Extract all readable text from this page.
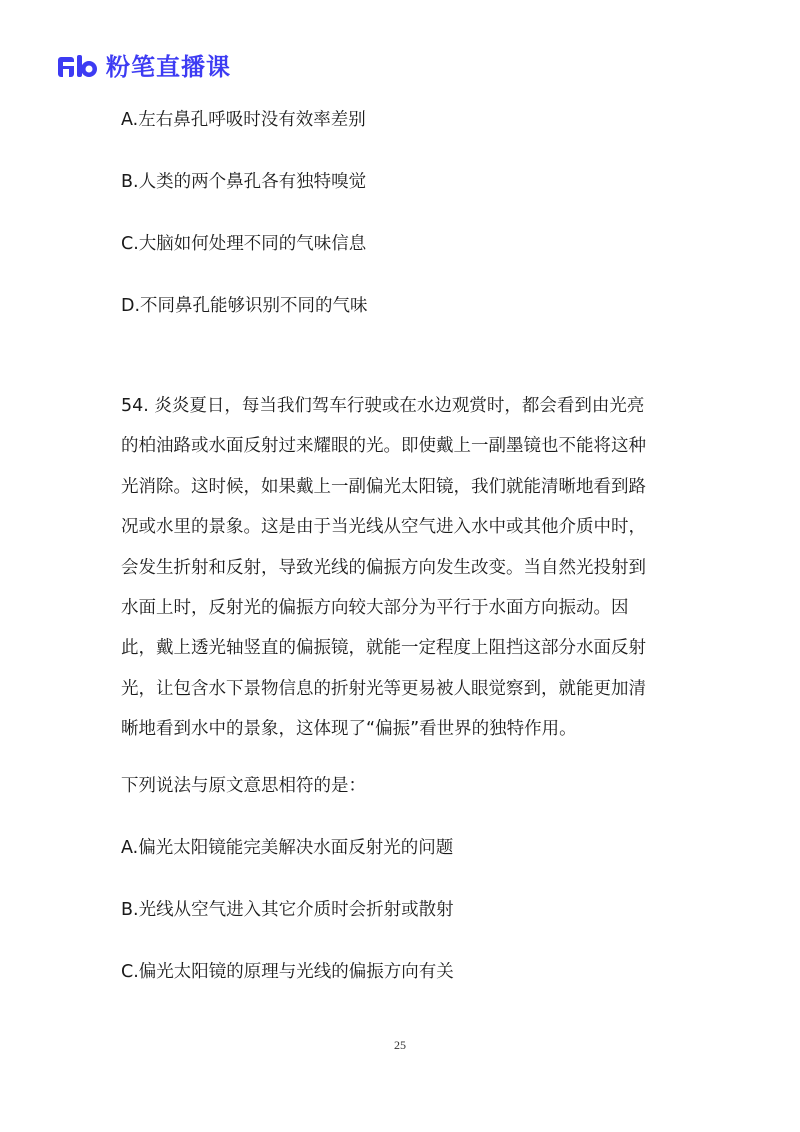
粉笔直播课
A.左右鼻孔呼吸时没有效率差别
B.人类的两个鼻孔各有独特嗅觉
C.大脑如何处理不同的气味信息
D.不同鼻孔能够识别不同的气味
54. 炎炎夏日，每当我们驾车行驶或在水边观赏时，都会看到由光亮
的柏油路或水面反射过来耀眼的光。即使戴上一副墨镜也不能将这种
光消除。这时候，如果戴上一副偏光太阳镜，我们就能清晰地看到路
况或水里的景象。这是由于当光线从空气进入水中或其他介质中时，
会发生折射和反射，导致光线的偏振方向发生改变。当自然光投射到
水面上时，反射光的偏振方向较大部分为平行于水面方向振动。因
此，戴上透光轴竖直的偏振镜，就能一定程度上阻挡这部分水面反射
光，让包含水下景物信息的折射光等更易被人眼觉察到，就能更加清
晰地看到水中的景象，这体现了“偏振”看世界的独特作用。
下列说法与原文意思相符的是：
A.偏光太阳镜能完美解决水面反射光的问题
B.光线从空气进入其它介质时会折射或散射
C.偏光太阳镜的原理与光线的偏振方向有关
25
